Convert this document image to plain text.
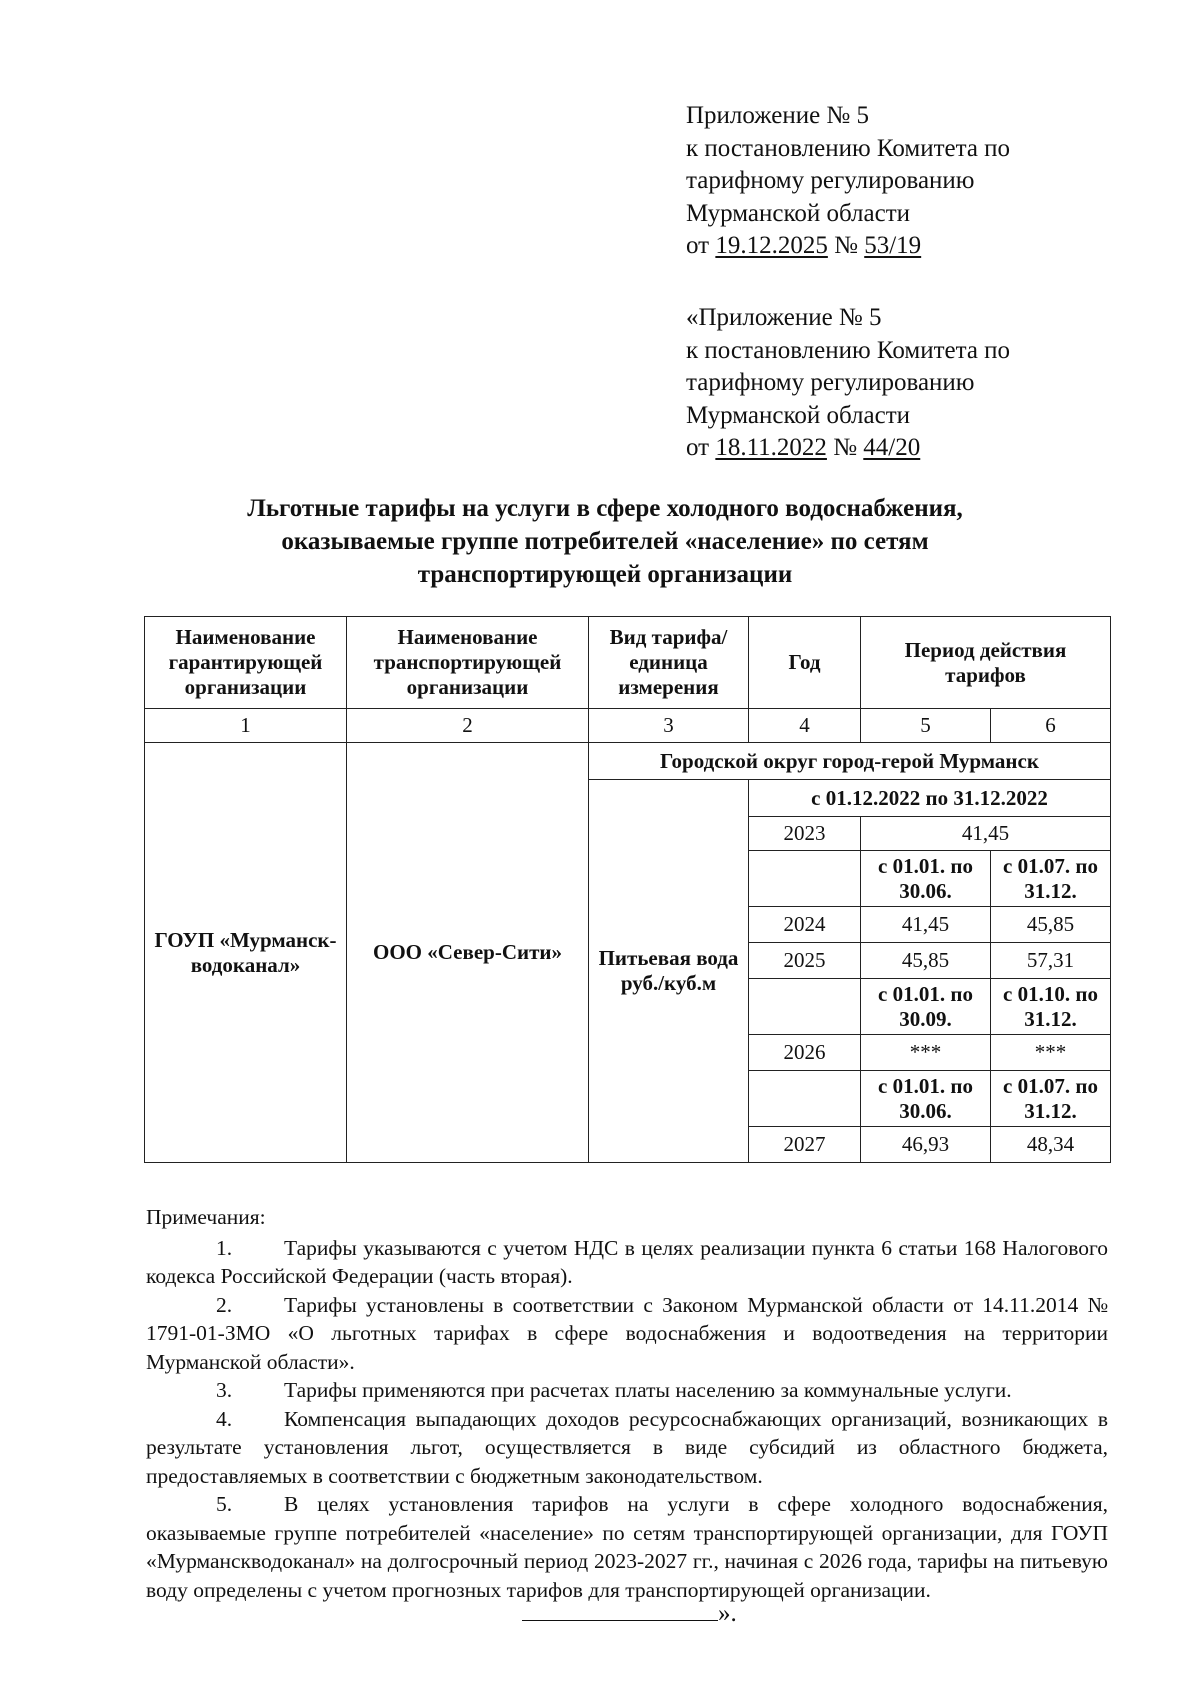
Приложение № 5
к постановлению Комитета по
тарифному регулированию
Мурманской области
от 19.12.2025 № 53/19
«Приложение № 5
к постановлению Комитета по
тарифному регулированию
Мурманской области
от 18.11.2022 № 44/20
Льготные тарифы на услуги в сфере холодного водоснабжения,
оказываемые группе потребителей «население» по сетям
транспортирующей организации
Наименование гарантирующей организации	Наименование транспортирующей организации	Вид тарифа/ единица измерения	Год	Период действия тарифов	
1	2	3	4	5	6
ГОУП «Мурманск-водоканал»	ООО «Север-Сити»	Городской округ город-герой Мурманск			
		Питьевая вода руб./куб.м	с 01.12.2022 по 31.12.2022		
			2023	41,45	
				с 01.01. по 30.06.	с 01.07. по 31.12.
			2024	41,45	45,85
			2025	45,85	57,31
				с 01.01. по 30.09.	с 01.10. по 31.12.
			2026	***	***
				с 01.01. по 30.06.	с 01.07. по 31.12.
			2027	46,93	48,34

Примечания:

1. Тарифы указываются с учетом НДС в целях реализации пункта 6 статьи 168 Налогового кодекса Российской Федерации (часть вторая).

2. Тарифы установлены в соответствии с Законом Мурманской области от 14.11.2014 № 1791-01-ЗМО «О льготных тарифах в сфере водоснабжения и водоотведения на территории Мурманской области».

3. Тарифы применяются при расчетах платы населению за коммунальные услуги.

4. Компенсация выпадающих доходов ресурсоснабжающих организаций, возникающих в результате установления льгот, осуществляется в виде субсидий из областного бюджета, предоставляемых в соответствии с бюджетным законодательством.

5. В целях установления тарифов на услуги в сфере холодного водоснабжения, оказываемые группе потребителей «население» по сетям транспортирующей организации, для ГОУП «Мурманскводоканал» на долгосрочный период 2023-2027 гг., начиная с 2026 года, тарифы на питьевую воду определены с учетом прогнозных тарифов для транспортирующей организации.

».
